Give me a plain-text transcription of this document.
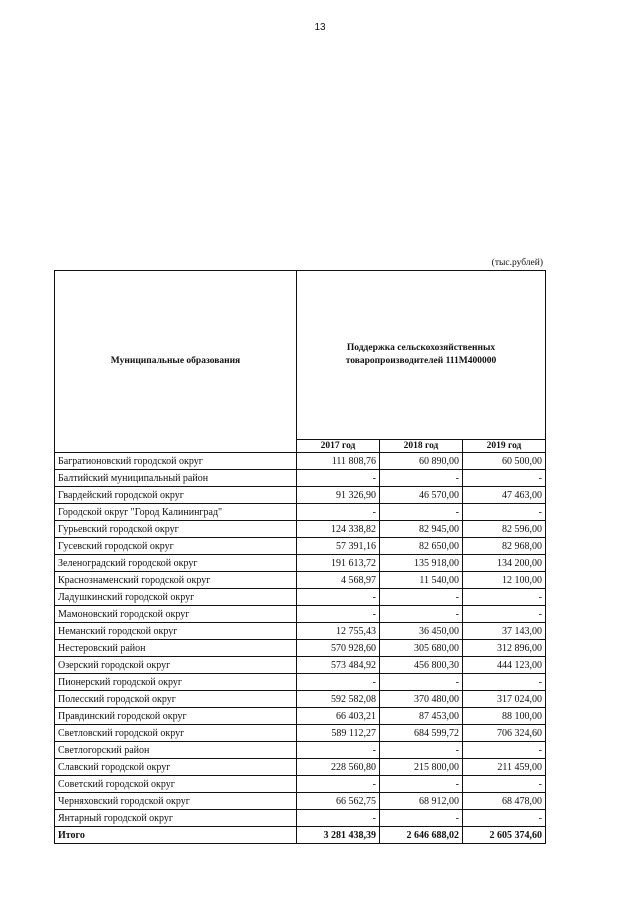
13
(тыс.рублей)
Муниципальные образования	Поддержка сельскохозяйственных товаропроизводителей 111М400000		
	2017 год	2018 год	2019 год
Багратионовский городской округ	111 808,76	60 890,00	60 500,00
Балтийский муниципальный район	-	-	-
Гвардейский городской округ	91 326,90	46 570,00	47 463,00
Городской округ "Город Калининград"	-	-	-
Гурьевский городской округ	124 338,82	82 945,00	82 596,00
Гусевский городской округ	57 391,16	82 650,00	82 968,00
Зеленоградский городской округ	191 613,72	135 918,00	134 200,00
Краснознаменский городской округ	4 568,97	11 540,00	12 100,00
Ладушкинский городской округ	-	-	-
Мамоновский городской округ	-	-	-
Неманский городской округ	12 755,43	36 450,00	37 143,00
Нестеровский район	570 928,60	305 680,00	312 896,00
Озерский городской округ	573 484,92	456 800,30	444 123,00
Пионерский городской округ	-	-	-
Полесский городской округ	592 582,08	370 480,00	317 024,00
Правдинский городской округ	66 403,21	87 453,00	88 100,00
Светловский городской округ	589 112,27	684 599,72	706 324,60
Светлогорский район	-	-	-
Славский городской округ	228 560,80	215 800,00	211 459,00
Советский городской округ	-	-	-
Черняховский городской округ	66 562,75	68 912,00	68 478,00
Янтарный городской округ	-	-	-
Итого	3 281 438,39	2 646 688,02	2 605 374,60
